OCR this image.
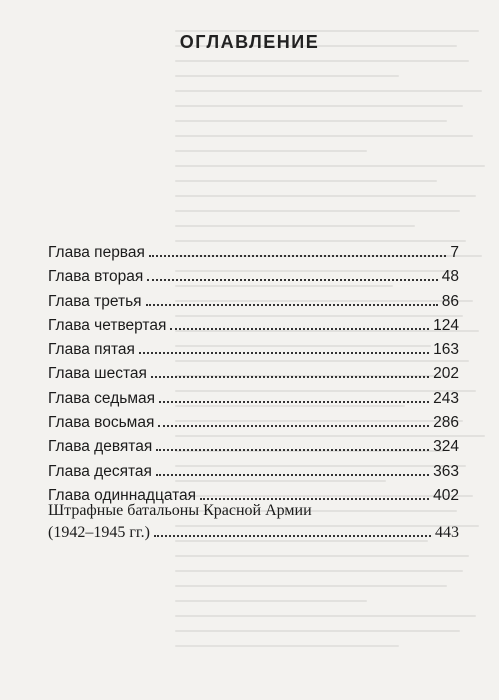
ОГЛАВЛЕНИЕ
Глава первая	7
Глава вторая	48
Глава третья	86
Глава четвертая	124
Глава пятая	163
Глава шестая	202
Глава седьмая	243
Глава восьмая	286
Глава девятая	324
Глава десятая	363
Глава одиннадцатая	402
Штрафные батальоны Красной Армии
(1942–1945 гг.)	443
